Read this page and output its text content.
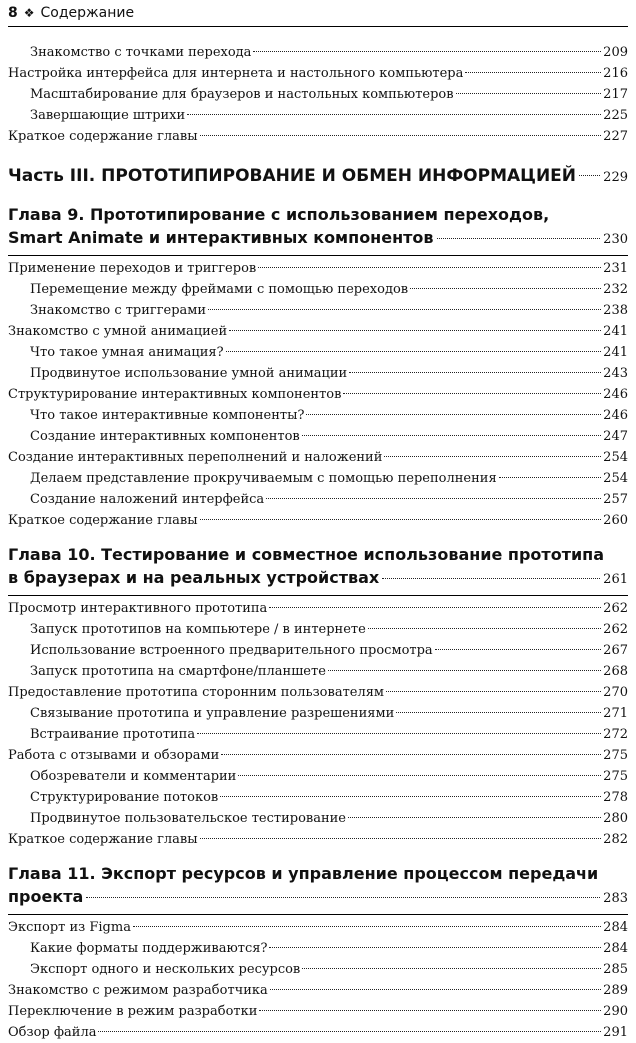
8 ❖ Содержание
Знакомство с точками перехода	209
Настройка интерфейса для интернета и настольного компьютера	216
Масштабирование для браузеров и настольных компьютеров	217
Завершающие штрихи	225
Краткое содержание главы	227
Часть III. ПРОТОТИПИРОВАНИЕ И ОБМЕН ИНФОРМАЦИЕЙ 229
Глава 9. Прототипирование с использованием переходов,
Smart Animate и интерактивных компонентов	230
Применение переходов и триггеров	231
Перемещение между фреймами с помощью переходов	232
Знакомство с триггерами	238
Знакомство с умной анимацией	241
Что такое умная анимация?	241
Продвинутое использование умной анимации	243
Структурирование интерактивных компонентов	246
Что такое интерактивные компоненты?	246
Создание интерактивных компонентов	247
Создание интерактивных переполнений и наложений	254
Делаем представление прокручиваемым с помощью переполнения	254
Создание наложений интерфейса	257
Краткое содержание главы	260
Глава 10. Тестирование и совместное использование прототипа
в браузерах и на реальных устройствах	261
Просмотр интерактивного прототипа	262
Запуск прототипов на компьютере / в интернете	262
Использование встроенного предварительного просмотра	267
Запуск прототипа на смартфоне/планшете	268
Предоставление прототипа сторонним пользователям	270
Связывание прототипа и управление разрешениями	271
Встраивание прототипа	272
Работа с отзывами и обзорами	275
Обозреватели и комментарии	275
Структурирование потоков	278
Продвинутое пользовательское тестирование	280
Краткое содержание главы	282
Глава 11. Экспорт ресурсов и управление процессом передачи
проекта	283
Экспорт из Figma	284
Какие форматы поддерживаются?	284
Экспорт одного и нескольких ресурсов	285
Знакомство с режимом разработчика	289
Переключение в режим разработки	290
Обзор файла	291
